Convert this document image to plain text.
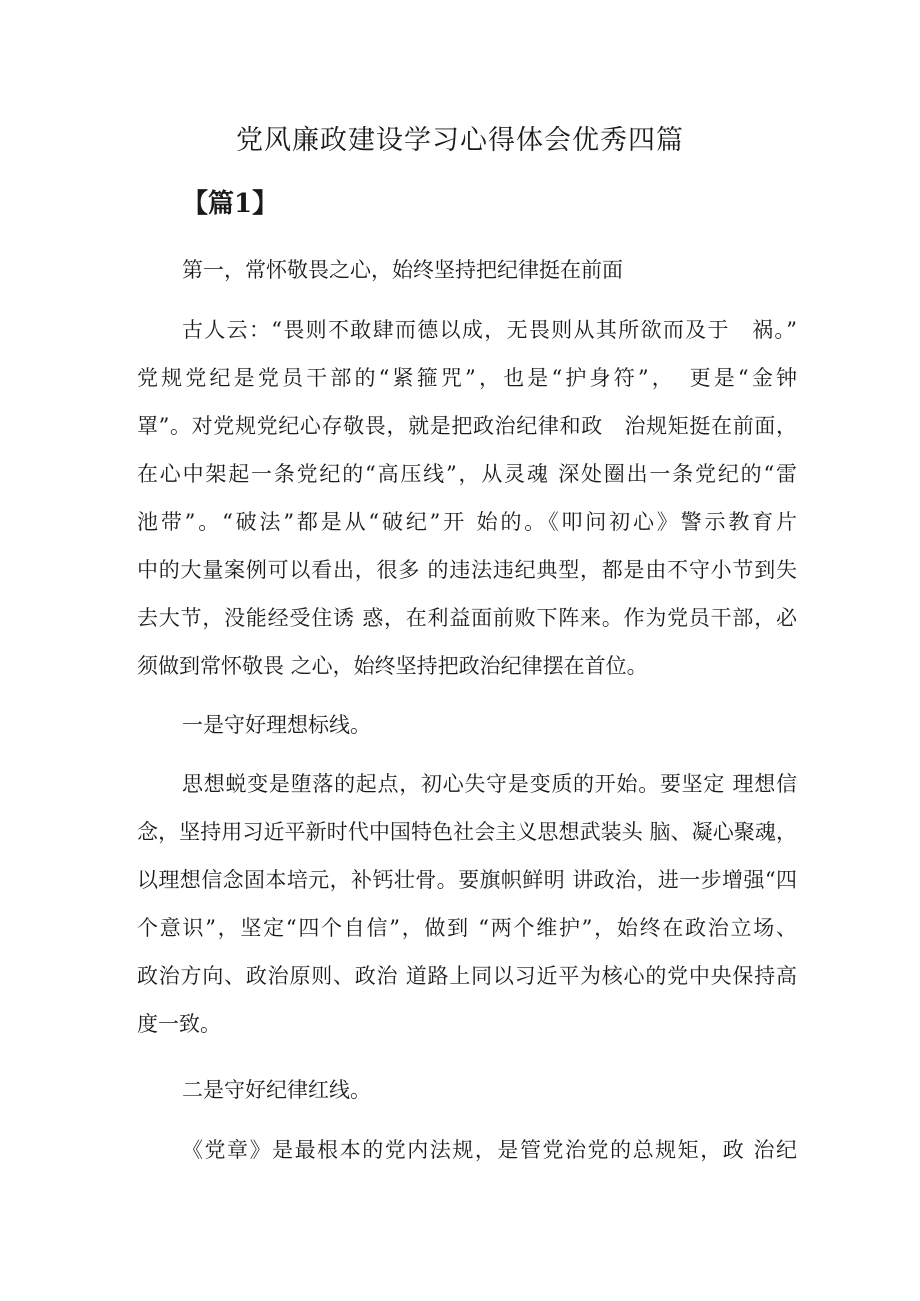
党风廉政建设学习心得体会优秀四篇
【篇1】
第一，常怀敬畏之心，始终坚持把纪律挺在前面
古人云：“畏则不敢肆而德以成，无畏则从其所欲而及于　祸。”
党规党纪是党员干部的“紧箍咒”，也是“护身符”，　更是“金钟
罩”。对党规党纪心存敬畏，就是把政治纪律和政　治规矩挺在前面，
在心中架起一条党纪的“高压线”，从灵魂 深处圈出一条党纪的“雷
池带”。“破法”都是从“破纪”开 始的。《叩问初心》警示教育片
中的大量案例可以看出，很多 的违法违纪典型，都是由不守小节到失
去大节，没能经受住诱 惑，在利益面前败下阵来。作为党员干部，必
须做到常怀敬畏 之心，始终坚持把政治纪律摆在首位。
一是守好理想标线。
思想蜕变是堕落的起点，初心失守是变质的开始。要坚定 理想信
念，坚持用习近平新时代中国特色社会主义思想武装头 脑、凝心聚魂，
以理想信念固本培元，补钙壮骨。要旗帜鲜明 讲政治，进一步增强“四
个意识”，坚定“四个自信”，做到 “两个维护”，始终在政治立场、
政治方向、政治原则、政治 道路上同以习近平为核心的党中央保持高
度一致。
二是守好纪律红线。
《党章》是最根本的党内法规，是管党治党的总规矩，政 治纪
